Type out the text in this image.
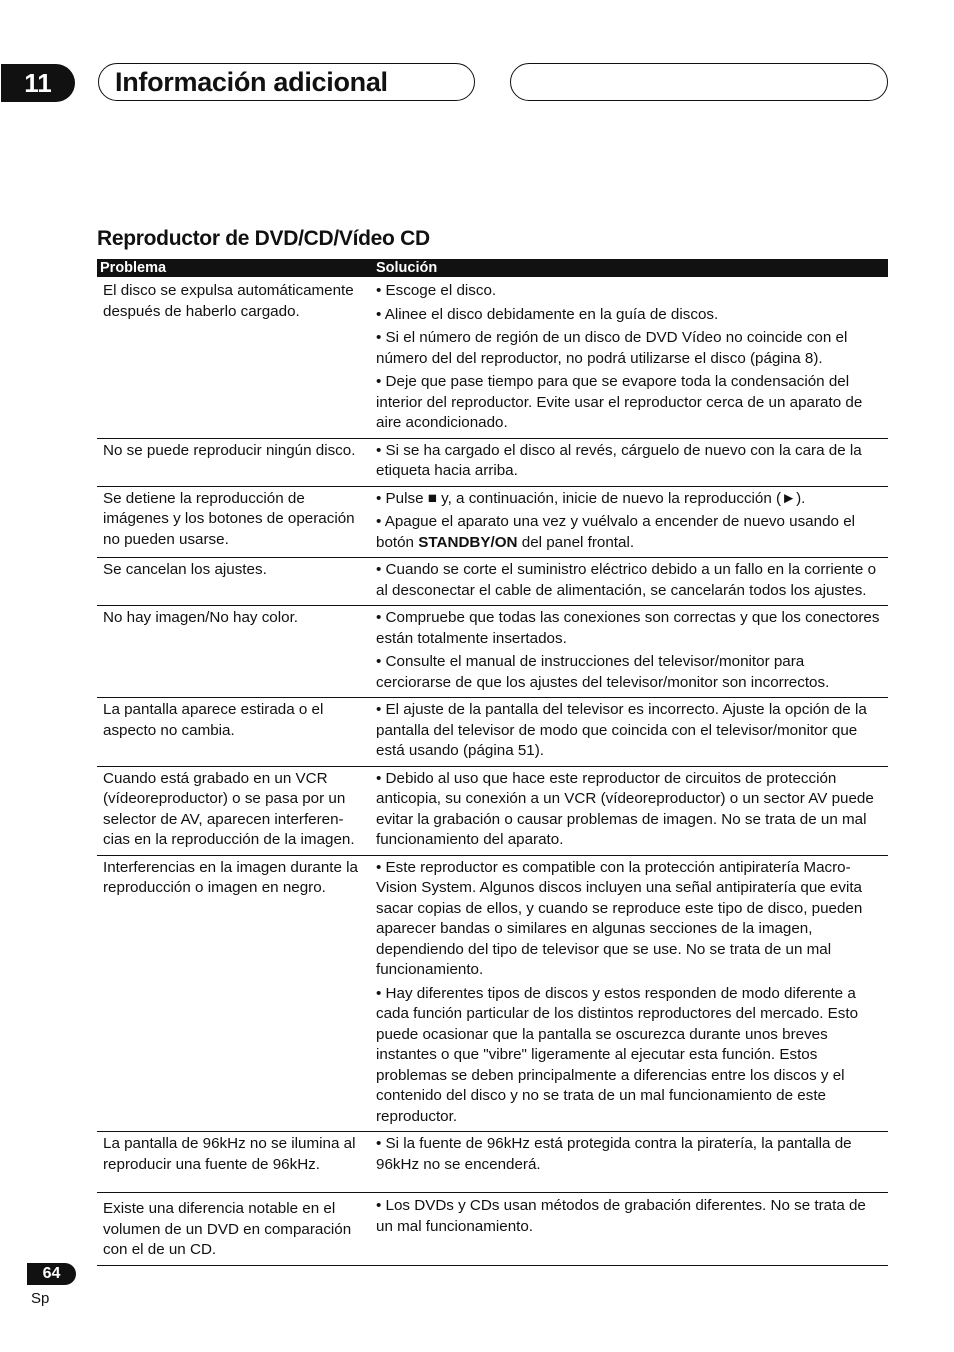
11	Información adicional
Reproductor de DVD/CD/Vídeo CD
Problema	Solución
El disco se expulsa automáticamente después de haberlo cargado.	• Escoge el disco.

• Alinee el disco debidamente en la guía de discos.

• Si el número de región de un disco de DVD Vídeo no coincide con el número del del reproductor, no podrá utilizarse el disco (página 8).

• Deje que pase tiempo para que se evapore toda la condensación del interior del reproductor. Evite usar el reproductor cerca de un aparato de aire acondicionado.

No se puede reproducir ningún disco.	• Si se ha cargado el disco al revés, cárguelo de nuevo con la cara de la etiqueta hacia arriba.

Se detiene la reproducción de imágenes y los botones de operación no pueden usarse.	• Pulse ■ y, a continuación, inicie de nuevo la reproducción (►).

• Apague el aparato una vez y vuélvalo a encender de nuevo usando el botón STANDBY/ON del panel frontal.

Se cancelan los ajustes.	• Cuando se corte el suministro eléctrico debido a un fallo en la corriente o al desconectar el cable de alimentación, se cancelarán todos los ajustes.

No hay imagen/No hay color.	• Compruebe que todas las conexiones son correctas y que los conectores están totalmente insertados.

• Consulte el manual de instrucciones del televisor/monitor para cerciorarse de que los ajustes del televisor/monitor son incorrectos.

La pantalla aparece estirada o el aspecto no cambia.	• El ajuste de la pantalla del televisor es incorrecto. Ajuste la opción de la pantalla del televisor de modo que coincida con el televisor/monitor que está usando (página 51).

Cuando está grabado en un VCR (vídeoreproductor) o se pasa por un selector de AV, aparecen interferen-cias en la reproducción de la imagen.	• Debido al uso que hace este reproductor de circuitos de protección anticopia, su conexión a un VCR (vídeoreproductor) o un sector AV puede evitar la grabación o causar problemas de imagen. No se trata de un mal funcionamiento del aparato.

Interferencias en la imagen durante la reproducción o imagen en negro.	• Este reproductor es compatible con la protección antipiratería Macro-Vision System. Algunos discos incluyen una señal antipiratería que evita sacar copias de ellos, y cuando se reproduce este tipo de disco, pueden aparecer bandas o similares en algunas secciones de la imagen, dependiendo del tipo de televisor que se use. No se trata de un mal funcionamiento.

• Hay diferentes tipos de discos y estos responden de modo diferente a cada función particular de los distintos reproductores del mercado. Esto puede ocasionar que la pantalla se oscurezca durante unos breves instantes o que "vibre" ligeramente al ejecutar esta función. Estos problemas se deben principalmente a diferencias entre los discos y el contenido del disco y no se trata de un mal funcionamiento de este reproductor.

La pantalla de 96kHz no se ilumina al reproducir una fuente de 96kHz.	• Si la fuente de 96kHz está protegida contra la piratería, la pantalla de 96kHz no se encenderá.

Existe una diferencia notable en el volumen de un DVD en comparación con el de un CD.	• Los DVDs y CDs usan métodos de grabación diferentes. No se trata de un mal funcionamiento.

64
Sp
